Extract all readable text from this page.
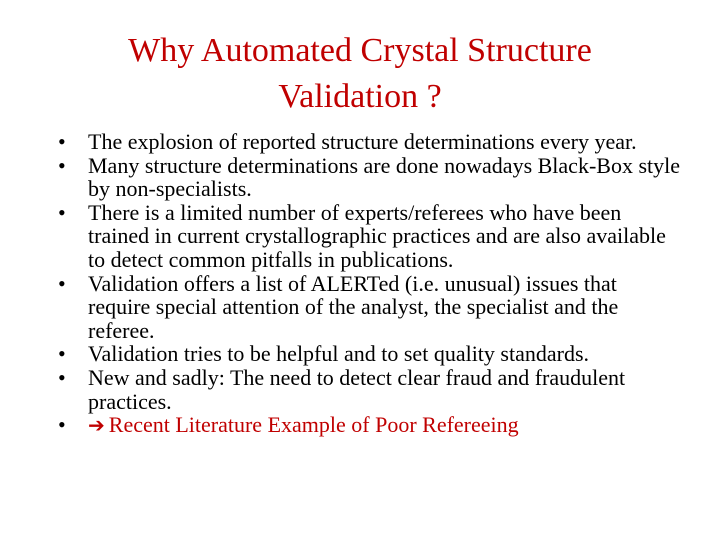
Why Automated Crystal Structure
Validation ?
•	The explosion of reported structure determinations every year.
•	Many structure determinations are done nowadays Black-Box style by non-specialists.
•	There is a limited number of experts/referees who have been trained in current crystallographic practices and are also available to detect common pitfalls in publications.
•	Validation offers a list of ALERTed (i.e. unusual) issues that require special attention of the analyst, the specialist and the referee.
•	Validation tries to be helpful and to set quality standards.
•	New and sadly: The need to detect clear fraud and fraudulent practices.
•	➔ Recent Literature Example of Poor Refereeing
